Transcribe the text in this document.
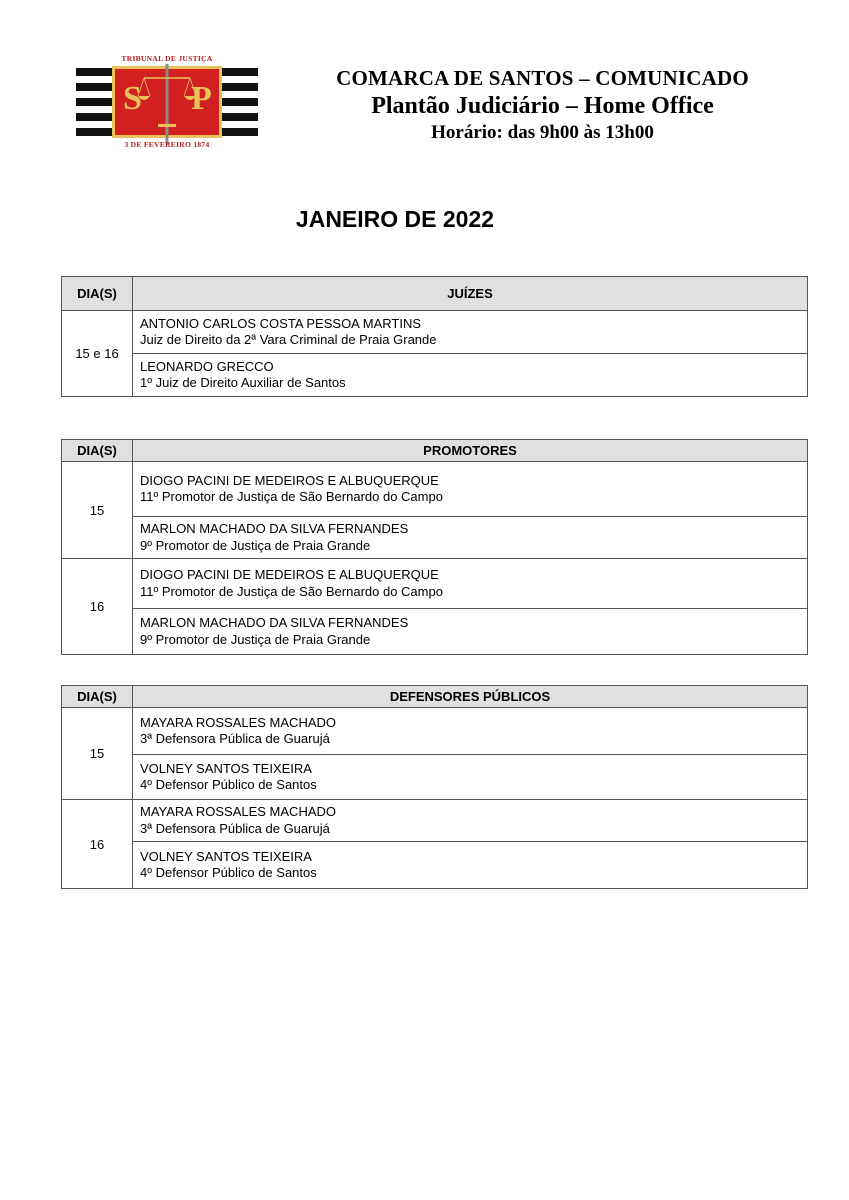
TRIBUNAL DE JUSTIÇA
S P
3 DE FEVEREIRO 1874
COMARCA DE SANTOS – COMUNICADO
Plantão Judiciário – Home Office
Horário: das 9h00 às 13h00
JANEIRO DE 2022
DIA(S)	JUÍZES
15 e 16	ANTONIO CARLOS COSTA PESSOA MARTINS
Juiz de Direito da 2ª Vara Criminal de Praia Grande

	LEONARDO GRECCO
1º Juiz de Direito Auxiliar de Santos
DIA(S)	PROMOTORES
15	DIOGO PACINI DE MEDEIROS E ALBUQUERQUE
11º Promotor de Justiça de São Bernardo do Campo

	MARLON MACHADO DA SILVA FERNANDES
9º Promotor de Justiça de Praia Grande

16	DIOGO PACINI DE MEDEIROS E ALBUQUERQUE
11º Promotor de Justiça de São Bernardo do Campo

	MARLON MACHADO DA SILVA FERNANDES
9º Promotor de Justiça de Praia Grande
DIA(S)	DEFENSORES PÚBLICOS
15	MAYARA ROSSALES MACHADO
3ª Defensora Pública de Guarujá

	VOLNEY SANTOS TEIXEIRA
4º Defensor Público de Santos

16	MAYARA ROSSALES MACHADO
3ª Defensora Pública de Guarujá

	VOLNEY SANTOS TEIXEIRA
4º Defensor Público de Santos
